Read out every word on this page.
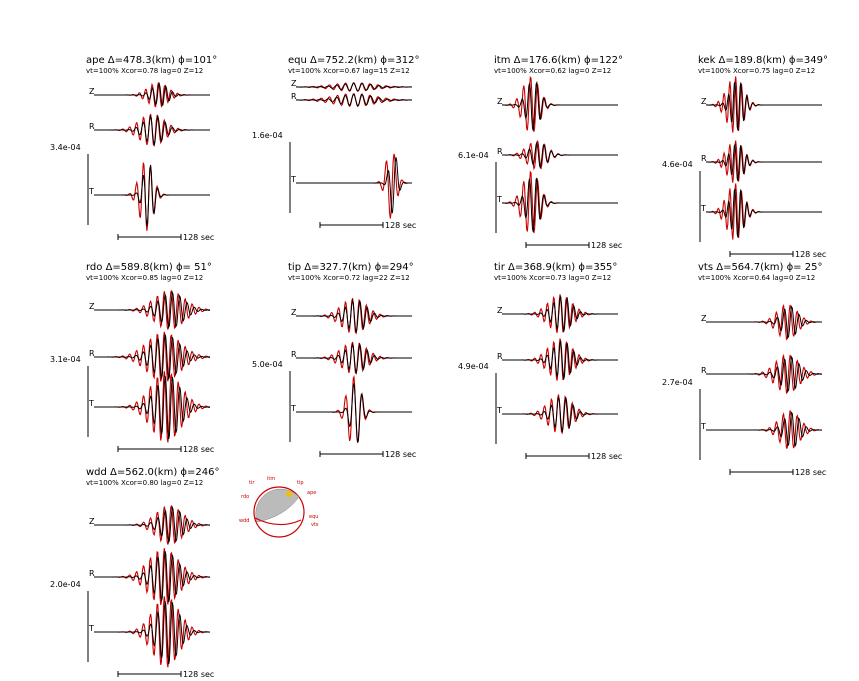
ape Δ=478.3(km) ϕ=101°
vt=100% Xcor=0.78 lag=0 Z=12
3.4e-04
Z
R
T
128 sec
equ Δ=752.2(km) ϕ=312°
vt=100% Xcor=0.67 lag=15 Z=12
1.6e-04
Z
R
T
128 sec
itm Δ=176.6(km) ϕ=122°
vt=100% Xcor=0.62 lag=0 Z=12
6.1e-04
Z
R
T
128 sec
kek Δ=189.8(km) ϕ=349°
vt=100% Xcor=0.75 lag=0 Z=12
4.6e-04
Z
R
T
128 sec
rdo Δ=589.8(km) ϕ= 51°
vt=100% Xcor=0.85 lag=0 Z=12
3.1e-04
Z
R
T
128 sec
tip Δ=327.7(km) ϕ=294°
vt=100% Xcor=0.72 lag=22 Z=12
5.0e-04
Z
R
T
128 sec
tir Δ=368.9(km) ϕ=355°
vt=100% Xcor=0.73 lag=0 Z=12
4.9e-04
Z
R
T
128 sec
vts Δ=564.7(km) ϕ= 25°
vt=100% Xcor=0.64 lag=0 Z=12
2.7e-04
Z
R
T
128 sec
wdd Δ=562.0(km) ϕ=246°
vt=100% Xcor=0.80 lag=0 Z=12
2.0e-04
Z
R
T
128 sec
tir
itm
tip
ape
rdo
wdd
equ
vts
